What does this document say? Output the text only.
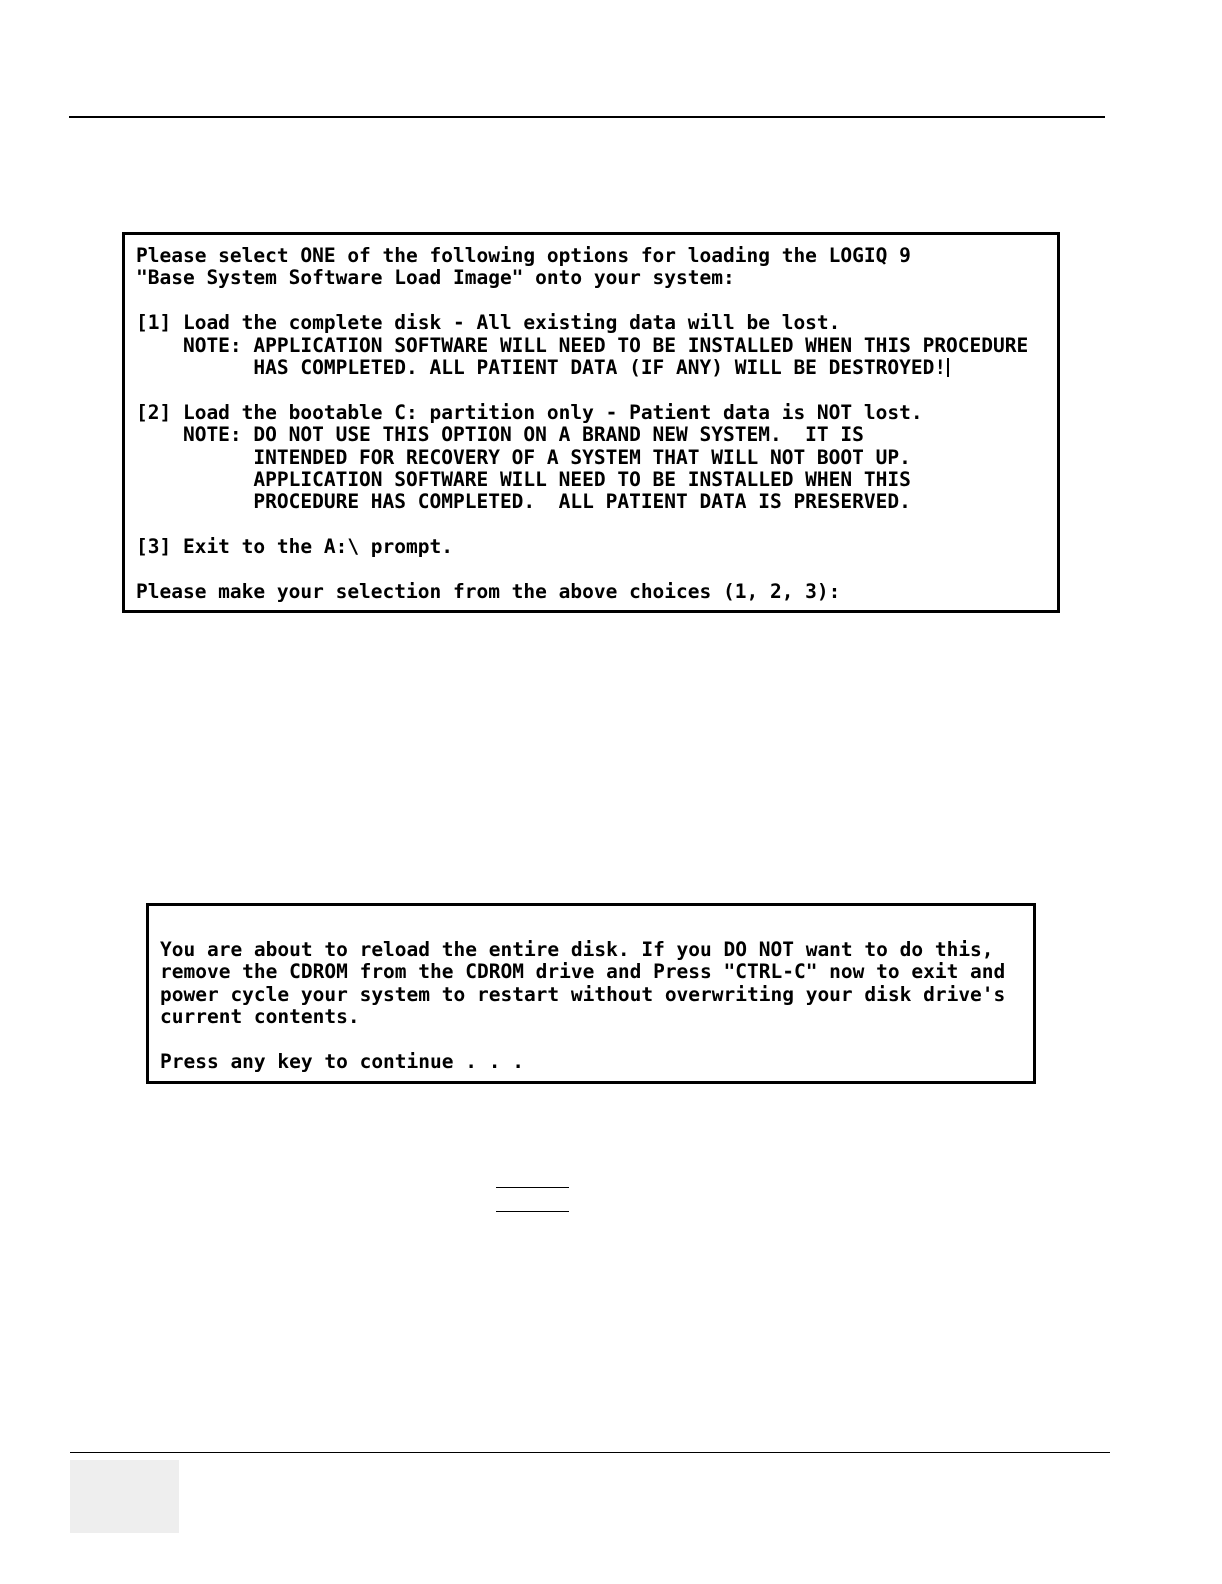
Please select ONE of the following options for loading the LOGIQ 9
"Base System Software Load Image" onto your system:

[1] Load the complete disk - All existing data will be lost.
NOTE: APPLICATION SOFTWARE WILL NEED TO BE INSTALLED WHEN THIS PROCEDURE
HAS COMPLETED. ALL PATIENT DATA (IF ANY) WILL BE DESTROYED!

[2] Load the bootable C: partition only - Patient data is NOT lost.
NOTE: DO NOT USE THIS OPTION ON A BRAND NEW SYSTEM.  IT IS
INTENDED FOR RECOVERY OF A SYSTEM THAT WILL NOT BOOT UP.
APPLICATION SOFTWARE WILL NEED TO BE INSTALLED WHEN THIS
PROCEDURE HAS COMPLETED.  ALL PATIENT DATA IS PRESERVED.

[3] Exit to the A:\ prompt.

Please make your selection from the above choices (1, 2, 3):
You are about to reload the entire disk. If you DO NOT want to do this,
remove the CDROM from the CDROM drive and Press "CTRL-C" now to exit and
power cycle your system to restart without overwriting your disk drive's
current contents.

Press any key to continue . . .
